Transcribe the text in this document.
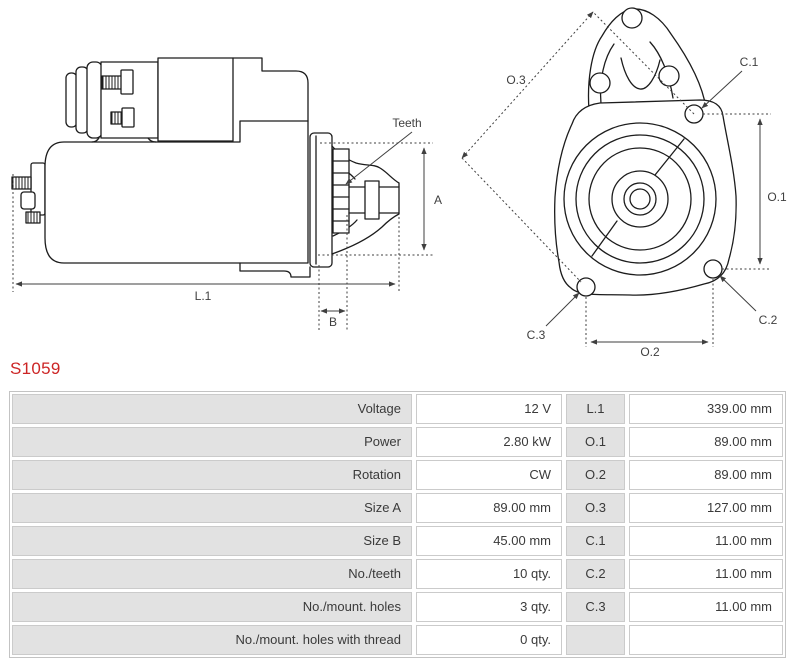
L.1
A
B
Teeth
O.3
O.1
O.2
C.1
C.2
C.3
S1059
Voltage	12 V	L.1	339.00 mm
Power	2.80 kW	O.1	89.00 mm
Rotation	CW	O.2	89.00 mm
Size A	89.00 mm	O.3	127.00 mm
Size B	45.00 mm	C.1	11.00 mm
No./teeth	10 qty.	C.2	11.00 mm
No./mount. holes	3 qty.	C.3	11.00 mm
No./mount. holes with thread	0 qty.
